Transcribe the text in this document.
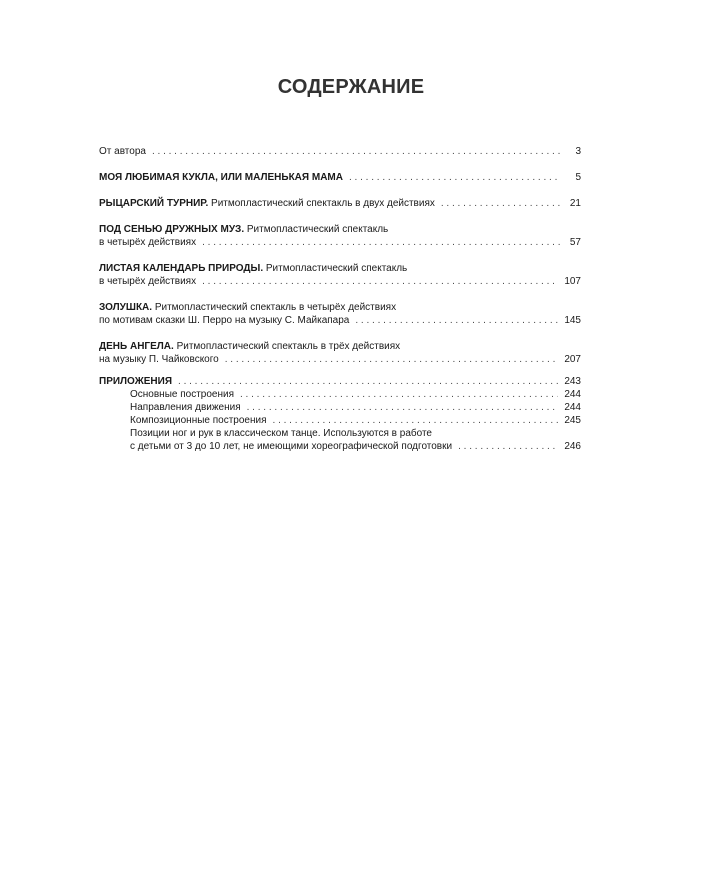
СОДЕРЖАНИЕ
От автора . . .	3
МОЯ ЛЮБИМАЯ КУКЛА, ИЛИ МАЛЕНЬКАЯ МАМА . . .	5
РЫЦАРСКИЙ ТУРНИР. Ритмопластический спектакль в двух действиях . . .	21
ПОД СЕНЬЮ ДРУЖНЫХ МУЗ. Ритмопластический спектакль
в четырёх действиях . . .	57
ЛИСТАЯ КАЛЕНДАРЬ ПРИРОДЫ. Ритмопластический спектакль
в четырёх действиях . . .	107
ЗОЛУШКА. Ритмопластический спектакль в четырёх действиях
по мотивам сказки Ш. Перро на музыку С. Майкапара . . .	145
ДЕНЬ АНГЕЛА. Ритмопластический спектакль в трёх действиях
на музыку П. Чайковского . . .	207
ПРИЛОЖЕНИЯ . . .	243
Основные построения . . .	244
Направления движения . . .	244
Композиционные построения . . .	245
Позиции ног и рук в классическом танце. Используются в работе
с детьми от 3 до 10 лет, не имеющими хореографической подготовки . . .	246
